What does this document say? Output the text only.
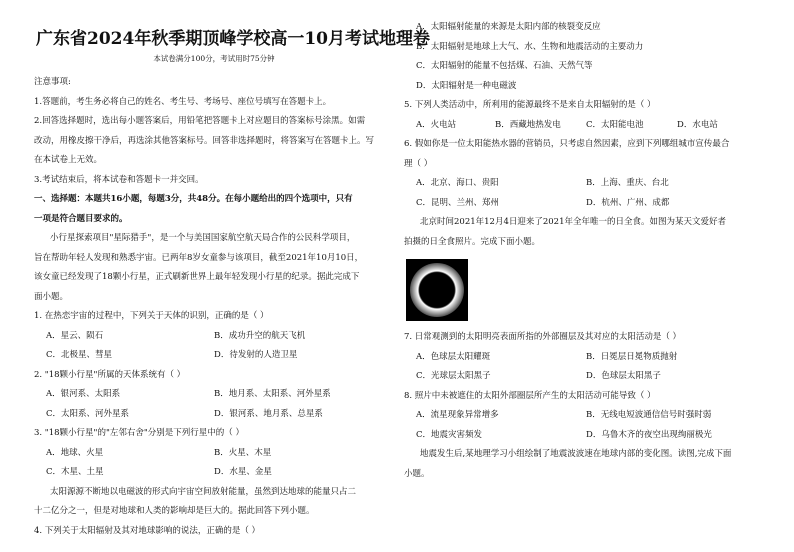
广东省2024年秋季期顶峰学校高一10月考试地理卷
本试卷满分100分，考试用时75分钟
注意事项:
1.答题前，考生务必将自己的姓名、考生号、考场号、座位号填写在答题卡上。
2.回答选择题时，选出每小题答案后，用铅笔把答题卡上对应题目的答案标号涂黑。如需
改动，用橡皮擦干净后，再选涂其他答案标号。回答非选择题时，将答案写在答题卡上。写
在本试卷上无效。
3.考试结束后，将本试卷和答题卡一并交回。
一、选择题：本题共16小题，每题3分，共48分。在每小题给出的四个选项中，只有
一项是符合题目要求的。
小行星探索项目"星际猎手"，是一个与美国国家航空航天局合作的公民科学项目，
旨在帮助年轻人发现和熟悉宇宙。已两年8岁女童参与该项目，截至2021年10月10日，
该女童已经发现了18颗小行星，正式刷新世界上最年轻发现小行星的纪录。据此完成下
面小题。
1. 在热恋宇宙的过程中，下列关于天体的识别，正确的是（ ）
A．星云、陨石	B．成功升空的航天飞机
C．北极星、彗星	D．待发射的人造卫星
2. "18颗小行星"所属的天体系统有（ ）
A．银河系、太阳系	B．地月系、太阳系、河外星系
C．太阳系、河外星系	D．银河系、地月系、总星系
3. "18颗小行星"的"左邻右舍"分别是下列行星中的（ ）
A．地球、火星	B．火星、木星
C．木星、土星	D．水星、金星
太阳源源不断地以电磁波的形式向宇宙空间放射能量，虽然到达地球的能量只占二
十二亿分之一，但是对地球和人类的影响却是巨大的。据此回答下列小题。
4. 下列关于太阳辐射及其对地球影响的说法，正确的是（ ）
A．太阳辐射能量的来源是太阳内部的核裂变反应
B．太阳辐射是地球上大气、水、生物和地震活动的主要动力
C．太阳辐射的能量不包括煤、石油、天然气等
D．太阳辐射是一种电磁波
5. 下列人类活动中，所利用的能源最终不是来自太阳辐射的是（ ）
A．火电站	B．西藏地热发电	C．太阳能电池	D．水电站
6. 假如你是一位太阳能热水器的营销员，只考虑自然因素，应到下列哪组城市宣传最合
理（ ）
A．北京、海口、贵阳	B．上海、重庆、台北
C．昆明、兰州、郑州	D．杭州、广州、成都
北京时间2021年12月4日迎来了2021年全年唯一的日全食。如图为某天文爱好者
拍摄的日全食照片。完成下面小题。
7. 日常观测到的太阳明亮表面所指的外部圈层及其对应的太阳活动是（ ）
A．色球层太阳耀斑	B．日冕层日冕物质抛射
C．光球层太阳黑子	D．色球层太阳黑子
8. 照片中未被遮住的太阳外部圈层所产生的太阳活动可能导致（ ）
A．流星现象异常增多	B．无线电短波通信信号时强时弱
C．地震灾害频发	D．乌鲁木齐的夜空出现绚丽极光
地震发生后,某地理学习小组绘制了地震波波速在地球内部的变化图。读图,完成下面
小题。
